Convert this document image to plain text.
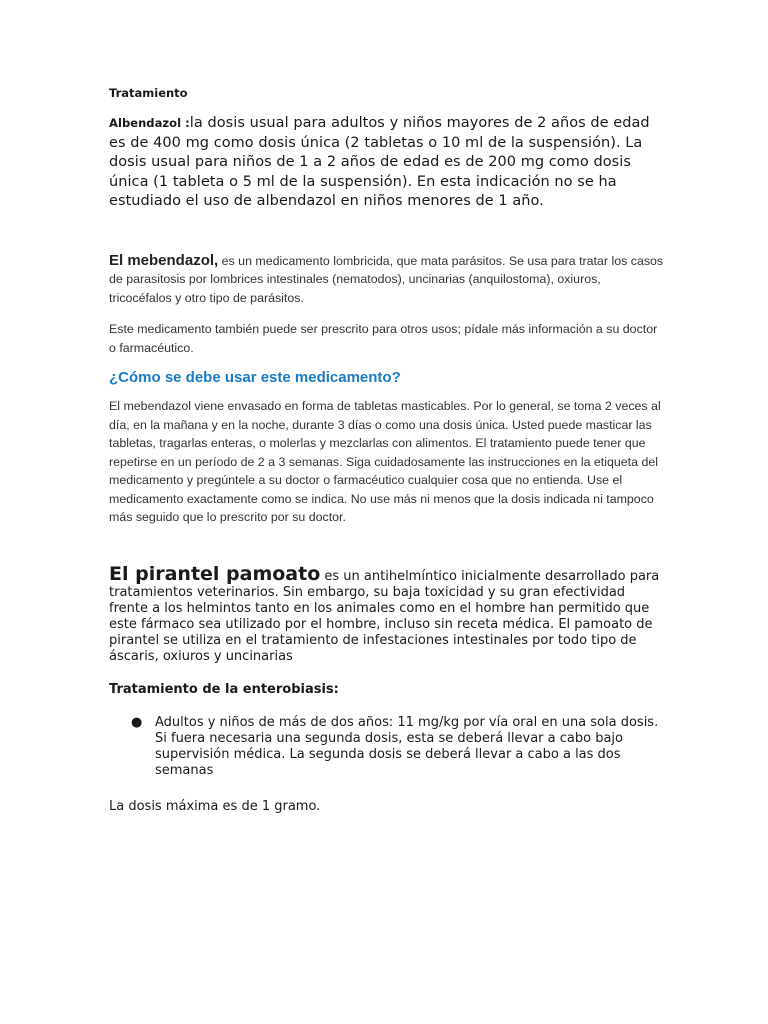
Tratamiento

Albendazol :la dosis usual para adultos y niños mayores de 2 años de edad es de 400 mg como dosis única (2 tabletas o 10 ml de la suspensión). La dosis usual para niños de 1 a 2 años de edad es de 200 mg como dosis única (1 tableta o 5 ml de la suspensión). En esta indicación no se ha estudiado el uso de albendazol en niños menores de 1 año.

El mebendazol, es un medicamento lombricida, que mata parásitos. Se usa para tratar los casos de parasitosis por lombrices intestinales (nematodos), uncinarias (anquilostoma), oxiuros, tricocéfalos y otro tipo de parásitos.

Este medicamento también puede ser prescrito para otros usos; pídale más información a su doctor o farmacéutico.

¿Cómo se debe usar este medicamento?

El mebendazol viene envasado en forma de tabletas masticables. Por lo general, se toma 2 veces al día, en la mañana y en la noche, durante 3 días o como una dosis única. Usted puede masticar las tabletas, tragarlas enteras, o molerlas y mezclarlas con alimentos. El tratamiento puede tener que repetirse en un período de 2 a 3 semanas. Siga cuidadosamente las instrucciones en la etiqueta del medicamento y pregúntele a su doctor o farmacéutico cualquier cosa que no entienda. Use el medicamento exactamente como se indica. No use más ni menos que la dosis indicada ni tampoco más seguido que lo prescrito por su doctor.

El pirantel pamoato es un antihelmíntico inicialmente desarrollado para tratamientos veterinarios. Sin embargo, su baja toxicidad y su gran efectividad frente a los helmintos tanto en los animales como en el hombre han permitido que este fármaco sea utilizado por el hombre, incluso sin receta médica. El pamoato de pirantel se utiliza en el tratamiento de infestaciones intestinales por todo tipo de áscaris, oxiuros y uncinarias

Tratamiento de la enterobiasis:

● Adultos y niños de más de dos años: 11 mg/kg por vía oral en una sola dosis. Si fuera necesaria una segunda dosis, esta se deberá llevar a cabo bajo supervisión médica. La segunda dosis se deberá llevar a cabo a las dos semanas

La dosis máxima es de 1 gramo.
